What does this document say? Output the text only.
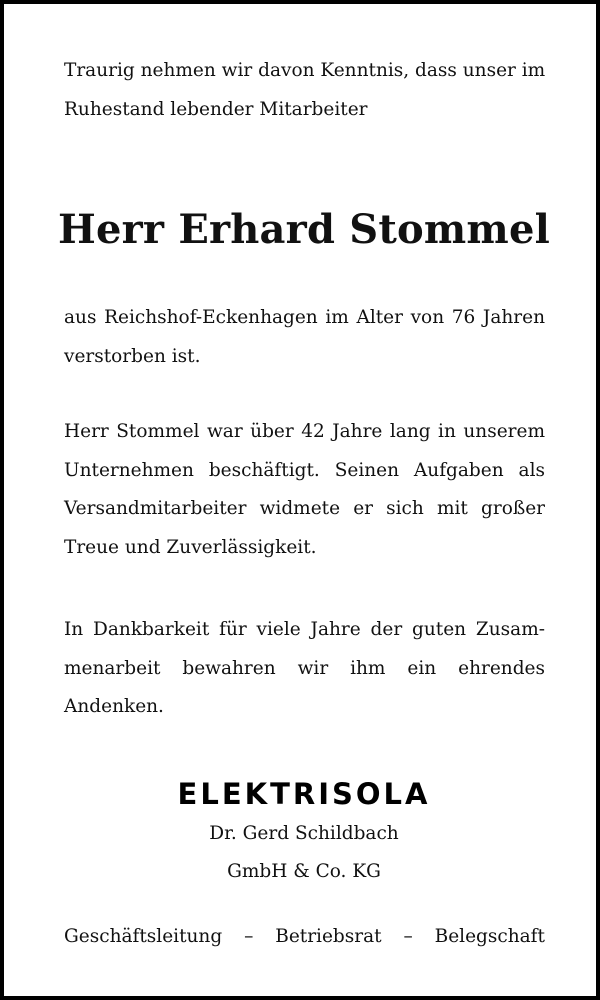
Traurig nehmen wir davon Kenntnis, dass unser im
Ruhestand lebender Mitarbeiter

Herr Erhard Stommel

aus Reichshof-Eckenhagen im Alter von 76 Jahren
verstorben ist.

Herr Stommel war über 42 Jahre lang in unserem
Unternehmen beschäftigt. Seinen Aufgaben als
Versandmitarbeiter widmete er sich mit großer
Treue und Zuverlässigkeit.

In Dankbarkeit für viele Jahre der guten Zusam-
menarbeit bewahren wir ihm ein ehrendes
Andenken.

ELEKTRISOLA
Dr. Gerd Schildbach
GmbH & Co. KG
Geschäftsleitung – Betriebsrat – Belegschaft
